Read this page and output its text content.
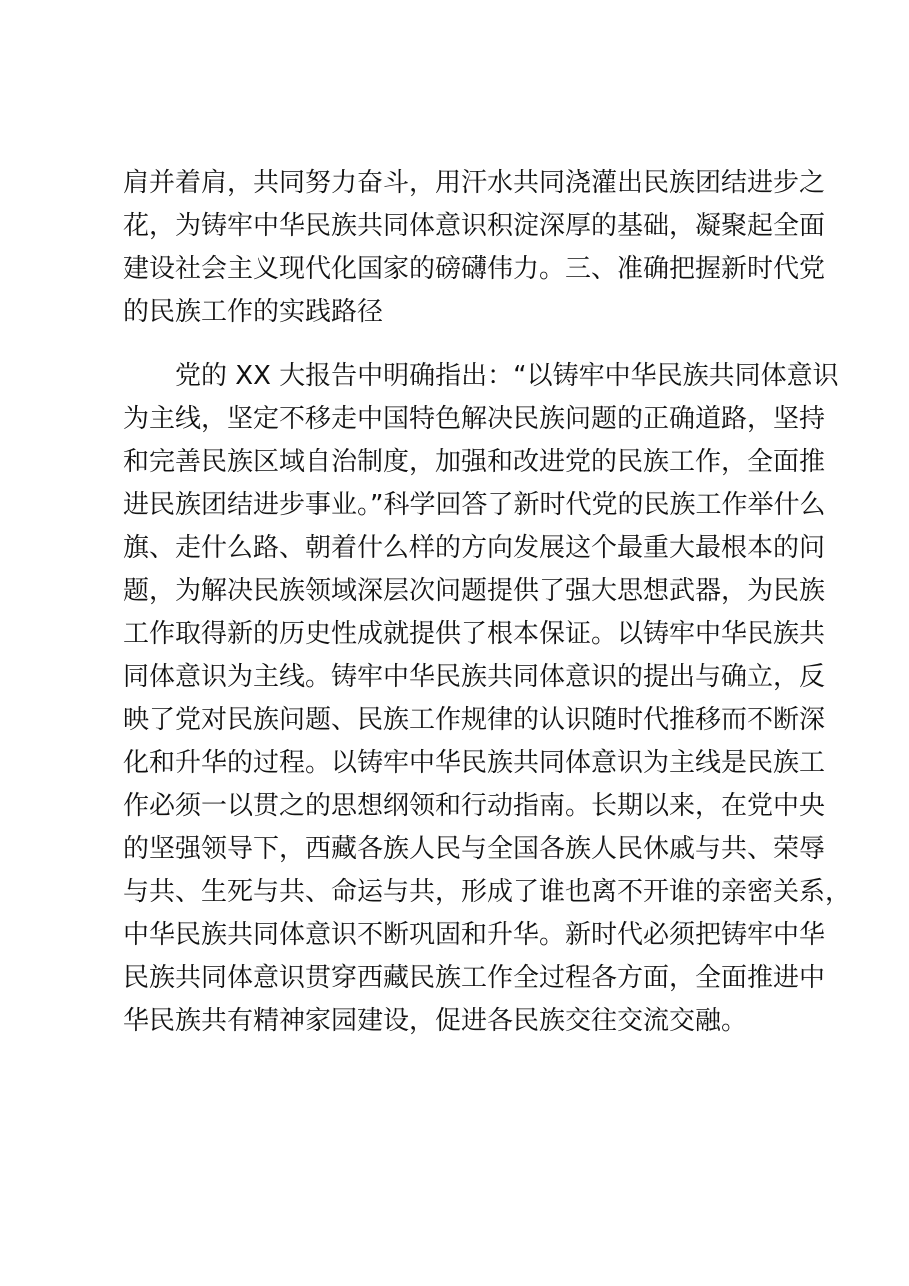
肩并着肩，共同努力奋斗，用汗水共同浇灌出民族团结进步之
花，为铸牢中华民族共同体意识积淀深厚的基础，凝聚起全面
建设社会主义现代化国家的磅礴伟力。三、准确把握新时代党
的民族工作的实践路径
党的 XX 大报告中明确指出：“以铸牢中华民族共同体意识
为主线，坚定不移走中国特色解决民族问题的正确道路，坚持
和完善民族区域自治制度，加强和改进党的民族工作，全面推
进民族团结进步事业。”科学回答了新时代党的民族工作举什么
旗、走什么路、朝着什么样的方向发展这个最重大最根本的问
题，为解决民族领域深层次问题提供了强大思想武器，为民族
工作取得新的历史性成就提供了根本保证。以铸牢中华民族共
同体意识为主线。铸牢中华民族共同体意识的提出与确立，反
映了党对民族问题、民族工作规律的认识随时代推移而不断深
化和升华的过程。以铸牢中华民族共同体意识为主线是民族工
作必须一以贯之的思想纲领和行动指南。长期以来，在党中央
的坚强领导下，西藏各族人民与全国各族人民休戚与共、荣辱
与共、生死与共、命运与共，形成了谁也离不开谁的亲密关系，
中华民族共同体意识不断巩固和升华。新时代必须把铸牢中华
民族共同体意识贯穿西藏民族工作全过程各方面，全面推进中
华民族共有精神家园建设，促进各民族交往交流交融。
